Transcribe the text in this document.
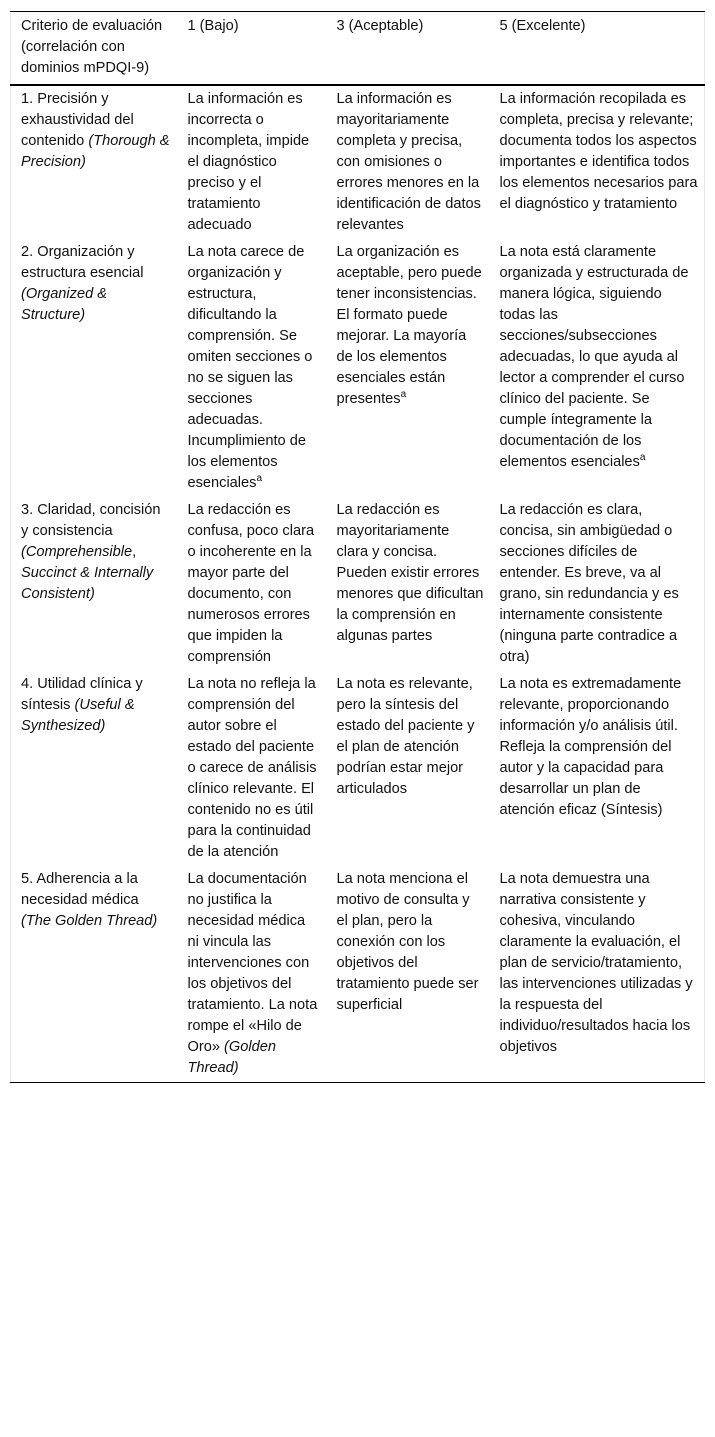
Criterio de evaluación (correlación con dominios mPDQI-9)	1 (Bajo)	3 (Aceptable)	5 (Excelente)
1. Precisión y exhaustividad del contenido (Thorough & Precision)	La información es incorrecta o incompleta, impide el diagnóstico preciso y el tratamiento adecuado	La información es mayoritariamente completa y precisa, con omisiones o errores menores en la identificación de datos relevantes	La información recopilada es completa, precisa y relevante; documenta todos los aspectos importantes e identifica todos los elementos necesarios para el diagnóstico y tratamiento
2. Organización y estructura esencial (Organized & Structure)	La nota carece de organización y estructura, dificultando la comprensión. Se omiten secciones o no se siguen las secciones adecuadas. Incumplimiento de los elementos esenciales$^a$	La organización es aceptable, pero puede tener inconsistencias. El formato puede mejorar. La mayoría de los elementos esenciales están presentes$^a$	La nota está claramente organizada y estructurada de manera lógica, siguiendo todas las secciones/subsecciones adecuadas, lo que ayuda al lector a comprender el curso clínico del paciente. Se cumple íntegramente la documentación de los elementos esenciales$^a$
3. Claridad, concisión y consistencia (Comprehensible, Succinct & Internally Consistent)	La redacción es confusa, poco clara o incoherente en la mayor parte del documento, con numerosos errores que impiden la comprensión	La redacción es mayoritariamente clara y concisa. Pueden existir errores menores que dificultan la comprensión en algunas partes	La redacción es clara, concisa, sin ambigüedad o secciones difíciles de entender. Es breve, va al grano, sin redundancia y es internamente consistente (ninguna parte contradice a otra)
4. Utilidad clínica y síntesis (Useful & Synthesized)	La nota no refleja la comprensión del autor sobre el estado del paciente o carece de análisis clínico relevante. El contenido no es útil para la continuidad de la atención	La nota es relevante, pero la síntesis del estado del paciente y el plan de atención podrían estar mejor articulados	La nota es extremadamente relevante, proporcionando información y/o análisis útil. Refleja la comprensión del autor y la capacidad para desarrollar un plan de atención eficaz (Síntesis)
5. Adherencia a la necesidad médica (The Golden Thread)	La documentación no justifica la necesidad médica ni vincula las intervenciones con los objetivos del tratamiento. La nota rompe el «Hilo de Oro» (Golden Thread)	La nota menciona el motivo de consulta y el plan, pero la conexión con los objetivos del tratamiento puede ser superficial	La nota demuestra una narrativa consistente y cohesiva, vinculando claramente la evaluación, el plan de servicio/tratamiento, las intervenciones utilizadas y la respuesta del individuo/resultados hacia los objetivos
